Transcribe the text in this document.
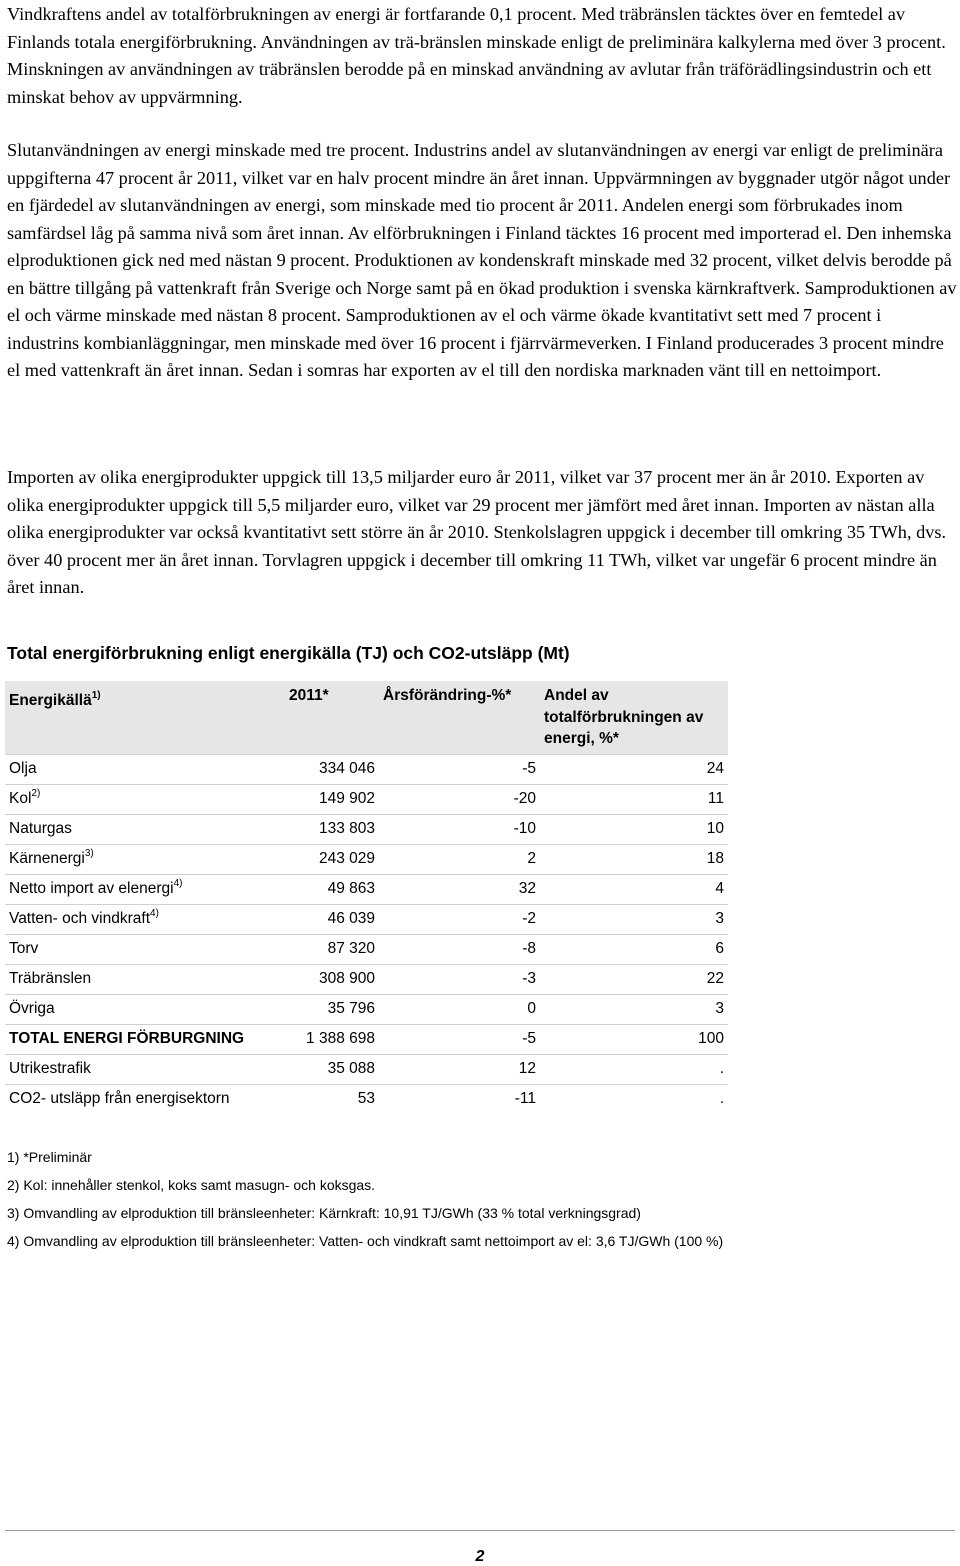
Vindkraftens andel av totalförbrukningen av energi är fortfarande 0,1 procent. Med träbränslen täcktes över en femtedel av Finlands totala energiförbrukning. Användningen av trä-bränslen minskade enligt de preliminära kalkylerna med över 3 procent. Minskningen av användningen av träbränslen berodde på en minskad användning av avlutar från träförädlingsindustrin och ett minskat behov av uppvärmning.

Slutanvändningen av energi minskade med tre procent. Industrins andel av slutanvändningen av energi var enligt de preliminära uppgifterna 47 procent år 2011, vilket var en halv procent mindre än året innan. Uppvärmningen av byggnader utgör något under en fjärdedel av slutanvändningen av energi, som minskade med tio procent år 2011. Andelen energi som förbrukades inom samfärdsel låg på samma nivå som året innan. Av elförbrukningen i Finland täcktes 16 procent med importerad el. Den inhemska elproduktionen gick ned med nästan 9 procent. Produktionen av kondenskraft minskade med 32 procent, vilket delvis berodde på en bättre tillgång på vattenkraft från Sverige och Norge samt på en ökad produktion i svenska kärnkraftverk. Samproduktionen av el och värme minskade med nästan 8 procent. Samproduktionen av el och värme ökade kvantitativt sett med 7 procent i industrins kombianläggningar, men minskade med över 16 procent i fjärrvärmeverken. I Finland producerades 3 procent mindre el med vattenkraft än året innan. Sedan i somras har exporten av el till den nordiska marknaden vänt till en nettoimport.

Importen av olika energiprodukter uppgick till 13,5 miljarder euro år 2011, vilket var 37 procent mer än år 2010. Exporten av olika energiprodukter uppgick till 5,5 miljarder euro, vilket var 29 procent mer jämfört med året innan. Importen av nästan alla olika energiprodukter var också kvantitativt sett större än år 2010. Stenkolslagren uppgick i december till omkring 35 TWh, dvs. över 40 procent mer än året innan. Torvlagren uppgick i december till omkring 11 TWh, vilket var ungefär 6 procent mindre än året innan.

Total energiförbrukning enligt energikälla (TJ) och CO2-utsläpp (Mt)
Energikällä$^{1)}$	2011*	Årsförändring-%*	Andel av totalförbrukningen av energi, %*
Olja	334 046	-5	24
Kol$^{2)}$	149 902	-20	11
Naturgas	133 803	-10	10
Kärnenergi$^{3)}$	243 029	2	18
Netto import av elenergi$^{4)}$	49 863	32	4
Vatten- och vindkraft$^{4)}$	46 039	-2	3
Torv	87 320	-8	6
Träbränslen	308 900	-3	22
Övriga	35 796	0	3
TOTAL ENERGI FÖRBURGNING	1 388 698	-5	100
Utrikestrafik	35 088	12	.
CO2- utsläpp från energisektorn	53	-11	.
1) *Preliminär
2) Kol: innehåller stenkol, koks samt masugn- och koksgas.
3) Omvandling av elproduktion till bränsleenheter: Kärnkraft: 10,91 TJ/GWh (33 % total verkningsgrad)
4) Omvandling av elproduktion till bränsleenheter: Vatten- och vindkraft samt nettoimport av el: 3,6 TJ/GWh (100 %)
2
